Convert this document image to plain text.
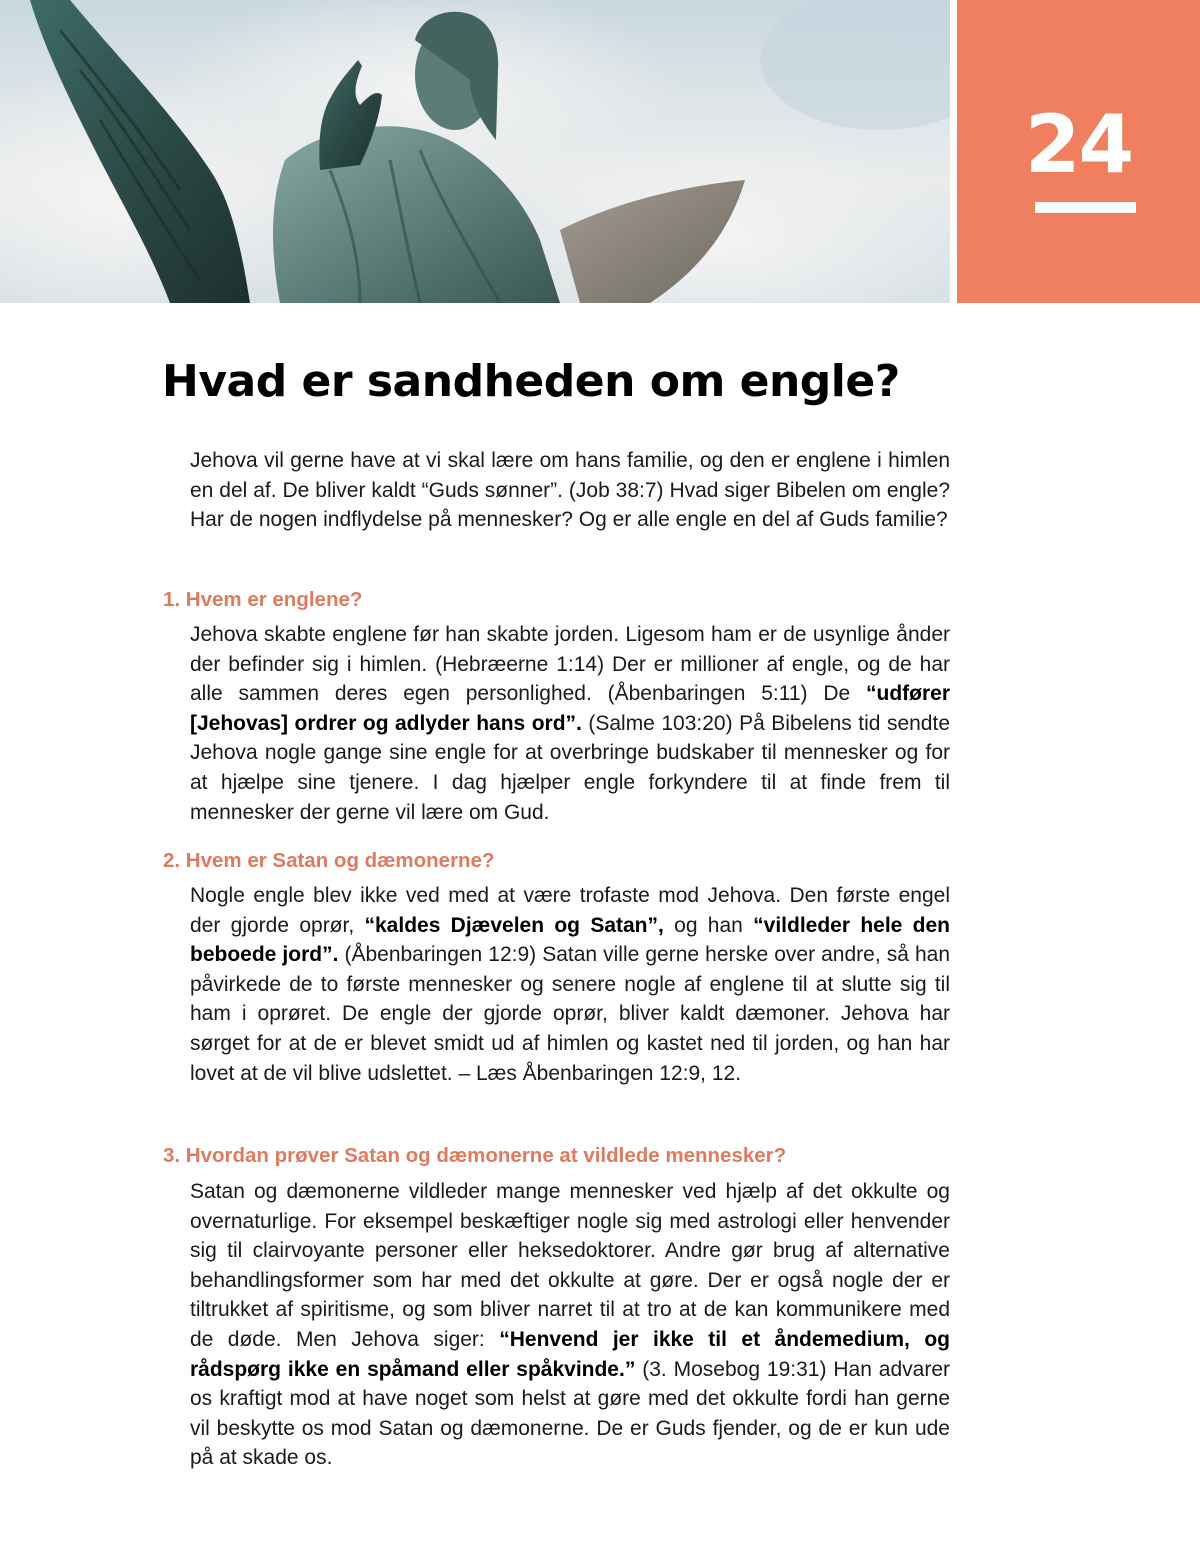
24
Hvad er sandheden om engle?

Jehova vil gerne have at vi skal lære om hans familie, og den er englene i himlen en del af. De bliver kaldt “Guds sønner”. (Job 38:7) Hvad siger Bibelen om engle? Har de nogen indflydelse på mennesker? Og er alle engle en del af Guds familie?

1. Hvem er englene?

Jehova skabte englene før han skabte jorden. Ligesom ham er de usynlige ånder der befinder sig i himlen. (Hebræerne 1:14) Der er millioner af engle, og de har alle sammen deres egen personlighed. (Åbenbaringen 5:11) De “udfører [Jehovas] ordrer og adlyder hans ord”. (Salme 103:20) På Bibelens tid sendte Jehova nogle gange sine engle for at overbringe budskaber til mennesker og for at hjælpe sine tjenere. I dag hjælper engle forkyndere til at finde frem til mennesker der gerne vil lære om Gud.

2. Hvem er Satan og dæmonerne?

Nogle engle blev ikke ved med at være trofaste mod Jehova. Den første engel der gjorde oprør, “kaldes Djævelen og Satan”, og han “vildleder hele den beboede jord”. (Åbenbaringen 12:9) Satan ville gerne herske over andre, så han påvirkede de to første mennesker og senere nogle af englene til at slutte sig til ham i oprøret. De engle der gjorde oprør, bliver kaldt dæmoner. Jehova har sørget for at de er blevet smidt ud af himlen og kastet ned til jorden, og han har lovet at de vil blive udslettet. – Læs Åbenbaringen 12:9, 12.

3. Hvordan prøver Satan og dæmonerne at vildlede mennesker?

Satan og dæmonerne vildleder mange mennesker ved hjælp af det okkulte og overnaturlige. For eksempel beskæftiger nogle sig med astrologi eller henvender sig til clairvoyante personer eller heksedoktorer. Andre gør brug af alternative behandlingsformer som har med det okkulte at gøre. Der er også nogle der er tiltrukket af spiritisme, og som bliver narret til at tro at de kan kommunikere med de døde. Men Jehova siger: “Henvend jer ikke til et åndemedium, og rådspørg ikke en spåmand eller spåkvinde.” (3. Mosebog 19:31) Han advarer os kraftigt mod at have noget som helst at gøre med det okkulte fordi han gerne vil beskytte os mod Satan og dæmonerne. De er Guds fjender, og de er kun ude på at skade os.
